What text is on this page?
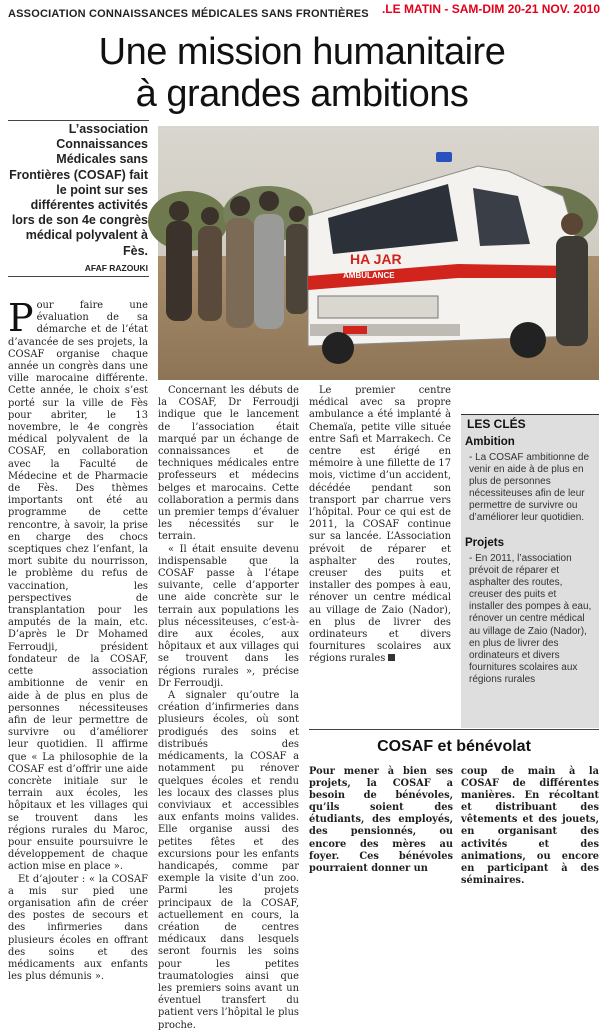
ASSOCIATION CONNAISSANCES MÉDICALES SANS FRONTIÈRES .LE MATIN - SAM-DIM 20-21 NOV. 2010
Une mission humanitaire
à grandes ambitions
L’association Connaissances Médicales sans Frontières (COSAF) fait le point sur ses différentes activités lors de son 4e congrès médical polyvalent à Fès.
AFAF RAZOUKI
HA JAR
AMBULANCE

Pour faire une évaluation de sa démarche et de l’état d’avancée de ses projets, la COSAF organise chaque année un congrès dans une ville marocaine différente. Cette année, le choix s’est porté sur la ville de Fès pour abriter, le 13 novembre, le 4e congrès médical polyvalent de la COSAF, en collaboration avec la Faculté de Médecine et de Pharmacie de Fès. Des thèmes importants ont été au programme de cette rencontre, à savoir, la prise en charge des chocs sceptiques chez l’enfant, la mort subite du nourrisson, le problème du refus de vaccination, les perspectives de transplantation pour les amputés de la main, etc. D’après le Dr Mohamed Ferroudji, président fondateur de la COSAF, cette association ambitionne de venir en aide à de plus en plus de personnes nécessiteuses afin de leur permettre de survivre ou d’améliorer leur quotidien. Il affirme que « La philosophie de la COSAF est d’offrir une aide concrète initiale sur le terrain aux écoles, les hôpitaux et les villages qui se trouvent dans les régions rurales du Maroc, pour ensuite poursuivre le développement de chaque action mise en place ».

Et d’ajouter : « la COSAF a mis sur pied une organisation afin de créer des postes de secours et des infirmeries dans plusieurs écoles en offrant des soins et des médicaments aux enfants les plus démunis ».

Concernant les débuts de la COSAF, Dr Ferroudji indique que le lancement de l’association était marqué par un échange de connaissances et de techniques médicales entre professeurs et médecins belges et marocains. Cette collaboration a permis dans un premier temps d’évaluer les nécessités sur le terrain.

« Il était ensuite devenu indispensable que la COSAF passe à l’étape suivante, celle d’apporter une aide concrète sur le terrain aux populations les plus nécessiteuses, c’est-à-dire aux écoles, aux hôpitaux et aux villages qui se trouvent dans les régions rurales », précise Dr Ferroudji.

A signaler qu’outre la création d’infirmeries dans plusieurs écoles, où sont prodigués des soins et distribués des médicaments, la COSAF a notamment pu rénover quelques écoles et rendu les locaux des classes plus conviviaux et accessibles aux enfants moins valides. Elle organise aussi des petites fêtes et des excursions pour les enfants handicapés, comme par exemple la visite d’un zoo. Parmi les projets principaux de la COSAF, actuellement en cours, la création de centres médicaux dans lesquels seront fournis les soins pour les petites traumatologies ainsi que les premiers soins avant un éventuel transfert du patient vers l’hôpital le plus proche.

Le premier centre médical avec sa propre ambulance a été implanté à Chemaïa, petite ville située entre Safi et Marrakech. Ce centre est érigé en mémoire à une fillette de 17 mois, victime d’un accident, décédée pendant son transport par charrue vers l’hôpital. Pour ce qui est de 2011, la COSAF continue sur sa lancée. L’Association prévoit de réparer et asphalter des routes, creuser des puits et installer des pompes à eau, rénover un centre médical au village de Zaio (Nador), en plus de livrer des ordinateurs et divers fournitures scolaires aux régions rurales

LES CLÉS
Ambition
- La COSAF ambitionne de venir en aide à de plus en plus de personnes nécessiteuses afin de leur permettre de survivre ou d’améliorer leur quotidien.
Projets
- En 2011, l’association prévoit de réparer et asphalter des routes, creuser des puits et installer des pompes à eau, rénover un centre médical au village de Zaio (Nador), en plus de livrer des ordinateurs et divers fournitures scolaires aux régions rurales
COSAF et bénévolat
Pour mener à bien ses projets, la COSAF a besoin de bénévoles, qu’ils soient des étudiants, des employés, des pensionnés, ou encore des mères au foyer. Ces bénévoles pourraient donner un
coup de main à la COSAF de différentes manières. En récoltant et distribuant des vêtements et des jouets, en organisant des activités et des animations, ou encore en participant à des séminaires.
